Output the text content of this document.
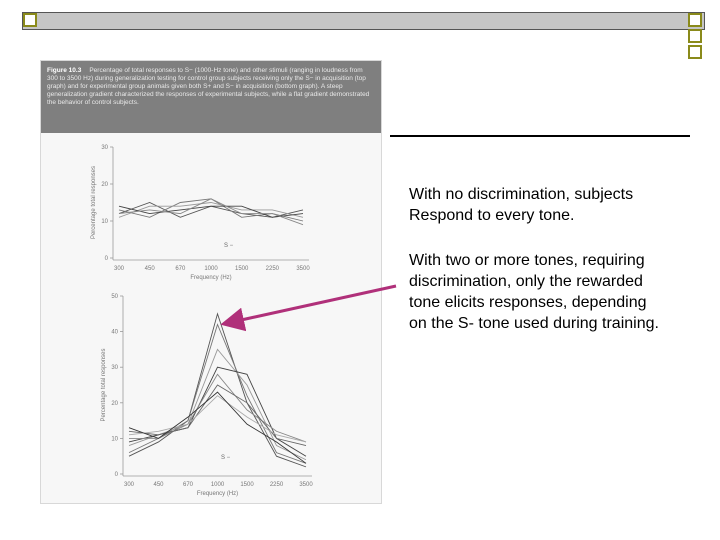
Figure 10.3 Percentage of total responses to S− (1000-Hz tone) and other stimuli (ranging in loudness from 300 to 3500 Hz) during generalization testing for control group subjects receiving only the S− in acquisition (top graph) and for experimental group animals given both S+ and S− in acquisition (bottom graph). A steep generalization gradient characterized the responses of experimental subjects, while a flat gradient demonstrated the behavior of control subjects.
0
10
20
30
300	450	670	1000	1500	2250	3500
Frequency (Hz)
Percentage total responses
S −
0
10
20
30
40
50
300	450	670	1000	1500	2250	3500
Frequency (Hz)
Percentage total responses
S −

With no discrimination, subjects

Respond to every tone.

With two or more tones, requiring

discrimination, only the rewarded

tone elicits responses, depending

on the S- tone used during training.
